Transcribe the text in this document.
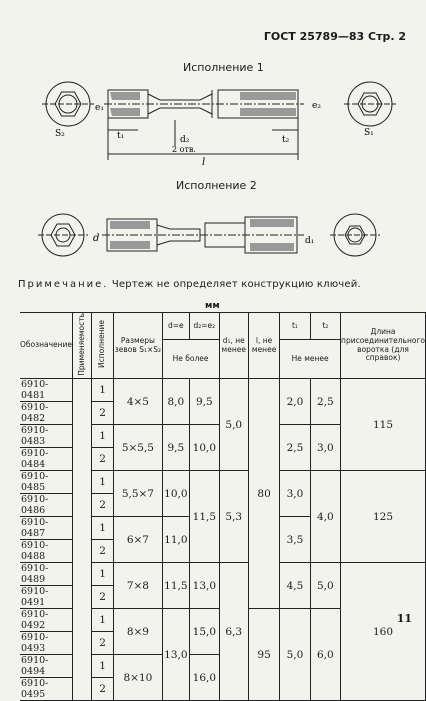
ГОСТ 25789—83 Стр. 2
Исполнение 1
Исполнение 2
S₂
e₁
t₁	d₂
2 отв.
e₂
t₂
l
S₁
d	d₁
Примечание. Чертеж не определяет конструкцию ключей.
мм
Обозначение	Применяемость	Исполнение	Размеры зевов S₁×S₂	d=e	d₂=e₂	d₁, не менее	l, не менее	t₁	t₂	Длина присоединительного воротка (для справок)
				Не более				Не менее		
6910-0481		1	4×5	8,0	9,5	5,0	80	2,0	2,5	115
6910-0482		2								
6910-0483		1	5×5,5	9,5	10,0			2,5	3,0	
6910-0484		2								
6910-0485		1	5,5×7	10,0	11,5	5,3		3,0	4,0	125
6910-0486		2								
6910-0487		1	6×7	11,0				3,5		
6910-0488		2								
6910-0489		1	7×8	11,5	13,0	6,3		4,5	5,0	160
6910-0491		2								
6910-0492		1	8×9	13,0	15,0		95	5,0	6,0	
6910-0493		2								
6910-0494		1	8×10		16,0					
6910-0495		2								
11
